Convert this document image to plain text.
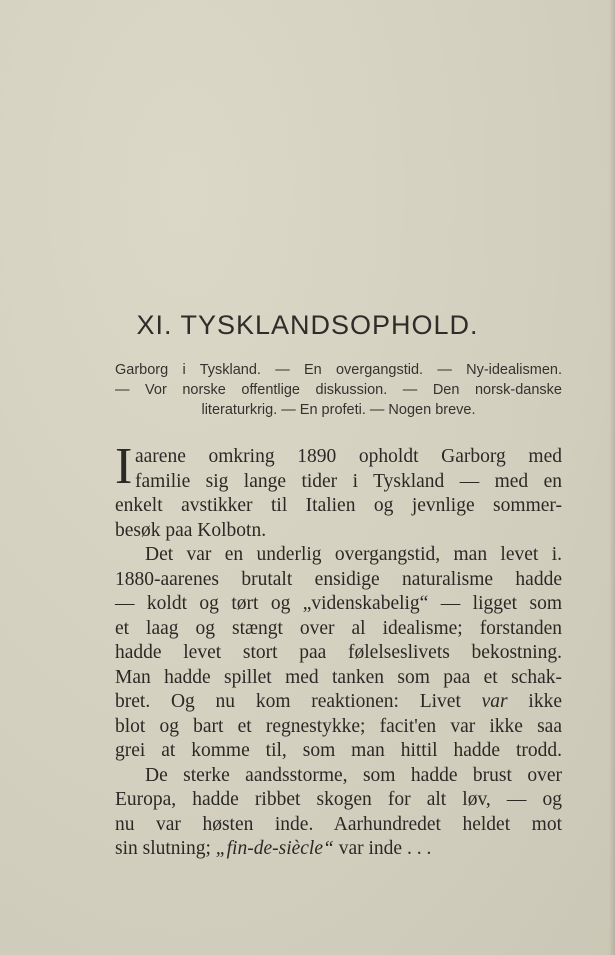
XI. TYSKLANDSOPHOLD.
Garborg i Tyskland. — En overgangstid. — Ny-idealismen.
— Vor norske offentlige diskussion. — Den norsk-danske
literaturkrig. — En profeti. — Nogen breve.
I aarene omkring 1890 opholdt Garborg med
familie sig lange tider i Tyskland — med en
enkelt avstikker til Italien og jevnlige sommer-
besøk paa Kolbotn.
Det var en underlig overgangstid, man levet i.
1880-aarenes brutalt ensidige naturalisme hadde
— koldt og tørt og „videnskabelig“ — ligget som
et laag og stængt over al idealisme; forstanden
hadde levet stort paa følelseslivets bekostning.
Man hadde spillet med tanken som paa et schak-
bret. Og nu kom reaktionen: Livet var ikke
blot og bart et regnestykke; facit'en var ikke saa
grei at komme til, som man hittil hadde trodd.
De sterke aandsstorme, som hadde brust over
Europa, hadde ribbet skogen for alt løv, — og
nu var høsten inde. Aarhundredet heldet mot
sin slutning; „fin-de-siècle“ var inde . . .
